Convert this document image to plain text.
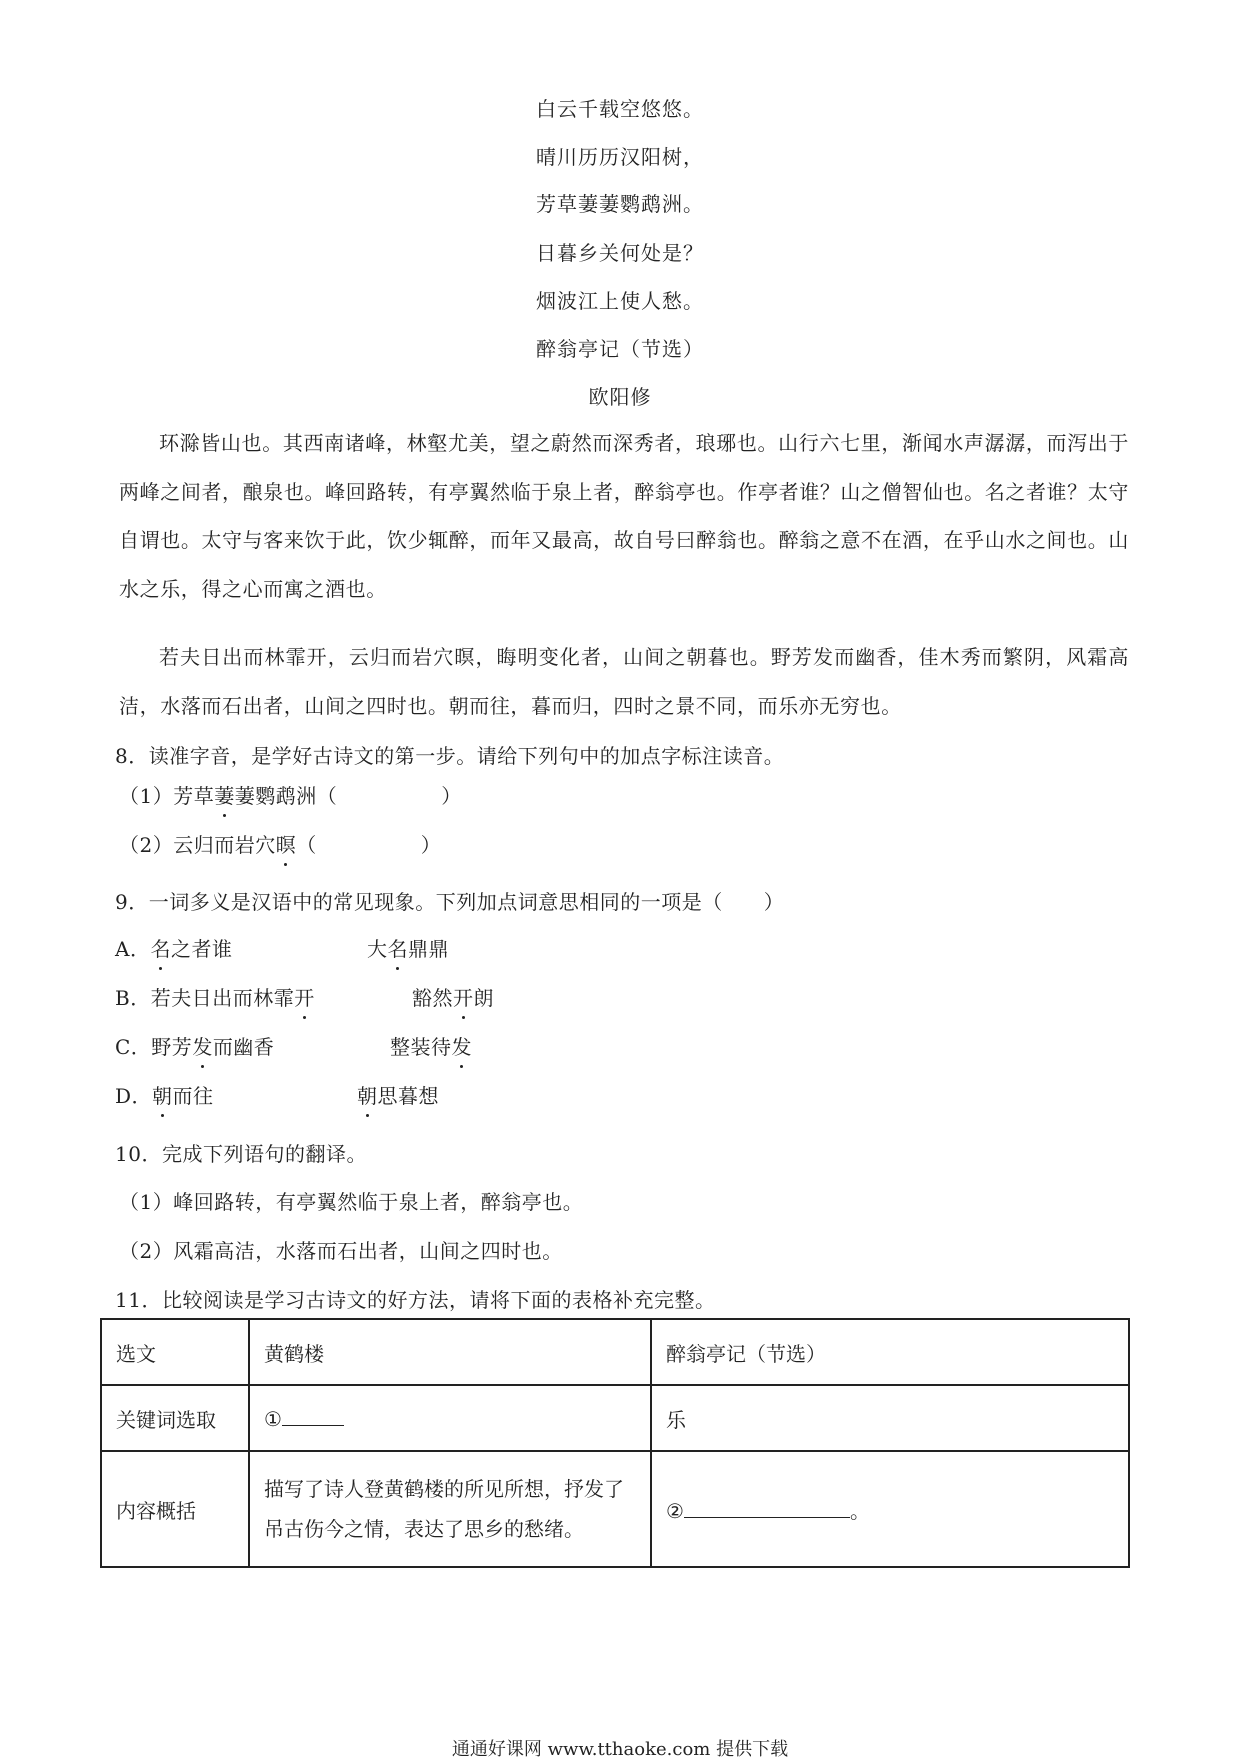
白云千载空悠悠。
晴川历历汉阳树，
芳草萋萋鹦鹉洲。
日暮乡关何处是？
烟波江上使人愁。
醉翁亭记（节选）
欧阳修
环滁皆山也。其西南诸峰，林壑尤美，望之蔚然而深秀者，琅琊也。山行六七里，渐闻水声潺潺，而泻出于两峰之间者，酿泉也。峰回路转，有亭翼然临于泉上者，醉翁亭也。作亭者谁？山之僧智仙也。名之者谁？太守自谓也。太守与客来饮于此，饮少辄醉，而年又最高，故自号曰醉翁也。醉翁之意不在酒，在乎山水之间也。山水之乐，得之心而寓之酒也。
若夫日出而林霏开，云归而岩穴暝，晦明变化者，山间之朝暮也。野芳发而幽香，佳木秀而繁阴，风霜高洁，水落而石出者，山间之四时也。朝而往，暮而归，四时之景不同，而乐亦无穷也。
8．读准字音，是学好古诗文的第一步。请给下列句中的加点字标注读音。
（1）芳草萋萋鹦鹉洲（	）
（2）云归而岩穴暝（	）
9．一词多义是汉语中的常见现象。下列加点词意思相同的一项是（　　）
A．名之者谁	大名鼎鼎
B．若夫日出而林霏开	豁然开朗
C．野芳发而幽香	整装待发
D．朝而往	朝思暮想
10．完成下列语句的翻译。
（1）峰回路转，有亭翼然临于泉上者，醉翁亭也。
（2）风霜高洁，水落而石出者，山间之四时也。
11．比较阅读是学习古诗文的好方法，请将下面的表格补充完整。
选文	黄鹤楼	醉翁亭记（节选）
关键词选取	①	乐
内容概括	描写了诗人登黄鹤楼的所见所想，抒发了吊古伤今之情，表达了思乡的愁绪。	② 。
通通好课网 www.tthaoke.com 提供下载
